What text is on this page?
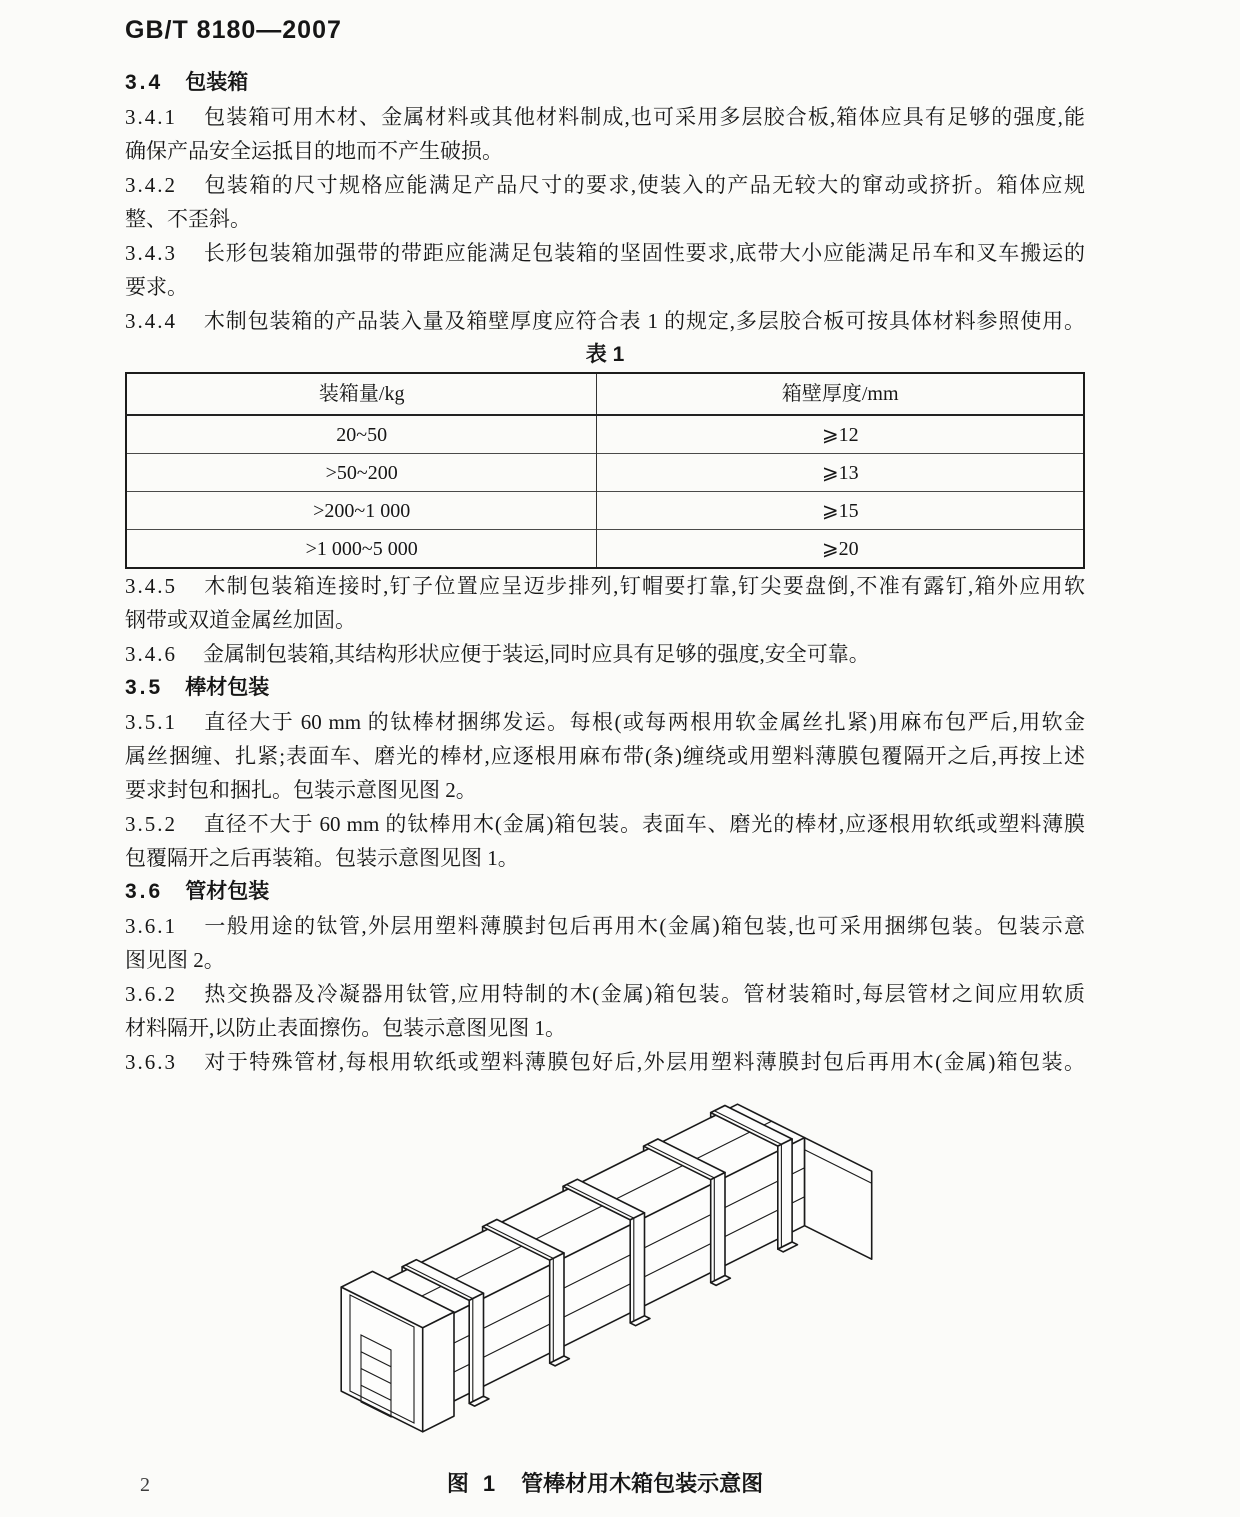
GB/T 8180—2007
3.4 包装箱
3.4.1 包装箱可用木材、金属材料或其他材料制成,也可采用多层胶合板,箱体应具有足够的强度,能
确保产品安全运抵目的地而不产生破损。
3.4.2 包装箱的尺寸规格应能满足产品尺寸的要求,使装入的产品无较大的窜动或挤折。箱体应规
整、不歪斜。
3.4.3 长形包装箱加强带的带距应能满足包装箱的坚固性要求,底带大小应能满足吊车和叉车搬运的
要求。
3.4.4 木制包装箱的产品装入量及箱壁厚度应符合表 1 的规定,多层胶合板可按具体材料参照使用。
表 1
装箱量/kg	箱壁厚度/mm
20~50	⩾12
>50~200	⩾13
>200~1 000	⩾15
>1 000~5 000	⩾20
3.4.5 木制包装箱连接时,钉子位置应呈迈步排列,钉帽要打靠,钉尖要盘倒,不准有露钉,箱外应用软
钢带或双道金属丝加固。
3.4.6 金属制包装箱,其结构形状应便于装运,同时应具有足够的强度,安全可靠。
3.5 棒材包装
3.5.1 直径大于 60 mm 的钛棒材捆绑发运。每根(或每两根用软金属丝扎紧)用麻布包严后,用软金
属丝捆缠、扎紧;表面车、磨光的棒材,应逐根用麻布带(条)缠绕或用塑料薄膜包覆隔开之后,再按上述
要求封包和捆扎。包装示意图见图 2。
3.5.2 直径不大于 60 mm 的钛棒用木(金属)箱包装。表面车、磨光的棒材,应逐根用软纸或塑料薄膜
包覆隔开之后再装箱。包装示意图见图 1。
3.6 管材包装
3.6.1 一般用途的钛管,外层用塑料薄膜封包后再用木(金属)箱包装,也可采用捆绑包装。包装示意
图见图 2。
3.6.2 热交换器及冷凝器用钛管,应用特制的木(金属)箱包装。管材装箱时,每层管材之间应用软质
材料隔开,以防止表面擦伤。包装示意图见图 1。
3.6.3 对于特殊管材,每根用软纸或塑料薄膜包好后,外层用塑料薄膜封包后再用木(金属)箱包装。
图 1 管棒材用木箱包装示意图
2
